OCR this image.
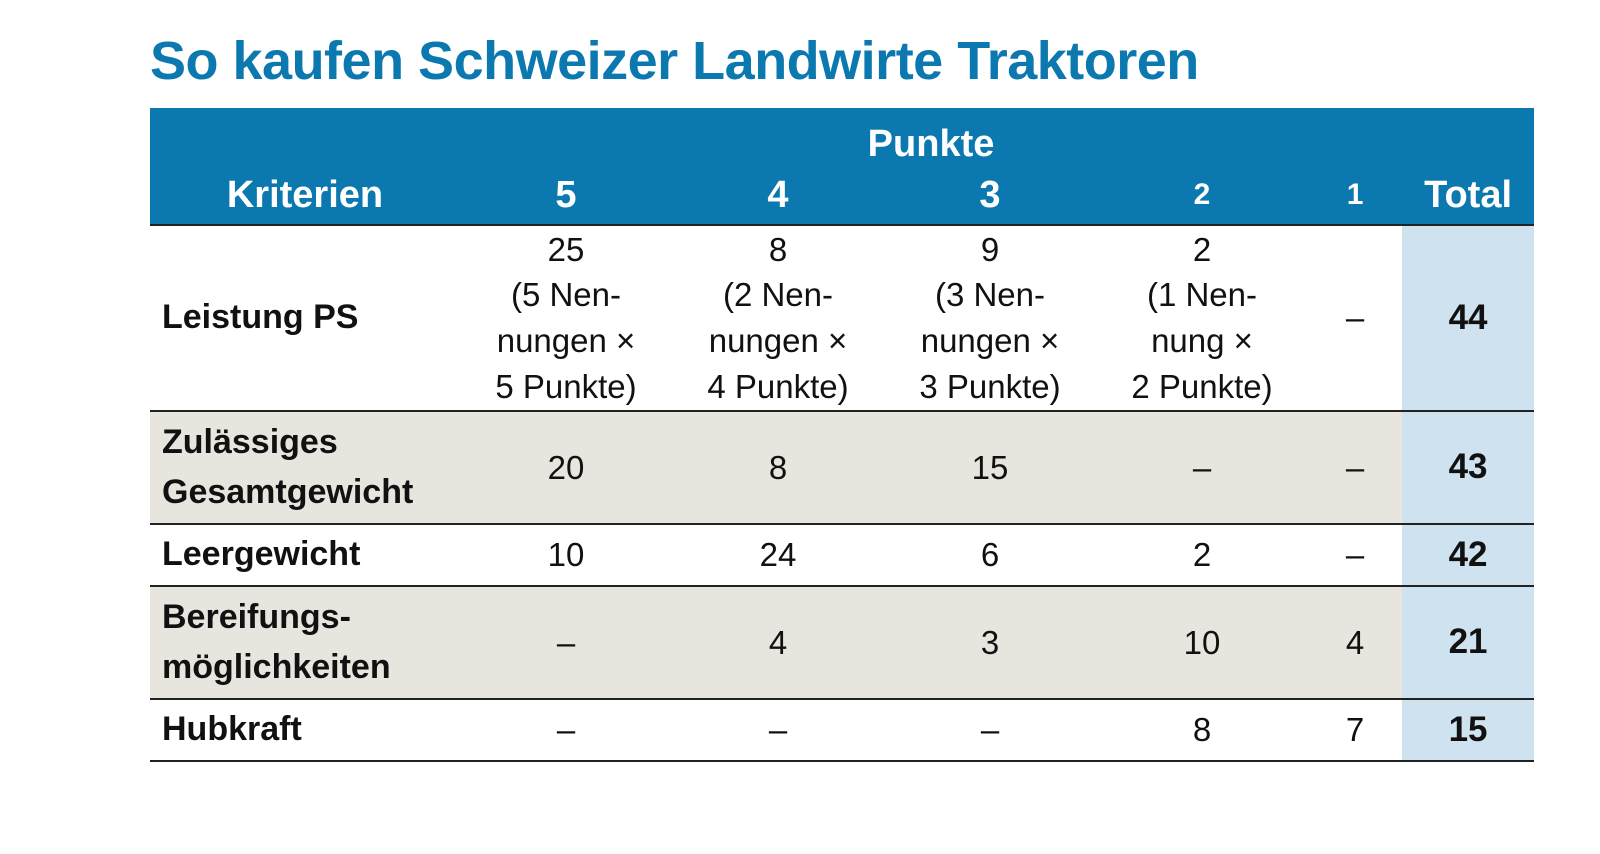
So kaufen Schweizer Landwirte Traktoren
	Punkte					
Kriterien	5	4	3	2	1	Total

Leistung PS	25
(5 Nen-
nungen ×
5 Punkte)	8
(2 Nen-
nungen ×
4 Punkte)	9
(3 Nen-
nungen ×
3 Punkte)	2
(1 Nen-
nung ×
2 Punkte)	–	44

Zulässiges
Gesamtgewicht	20	8	15	–	–	43

Leergewicht	10	24	6	2	–	42

Bereifungs-
möglichkeiten	–	4	3	10	4	21

Hubkraft	–	–	–	8	7	15
